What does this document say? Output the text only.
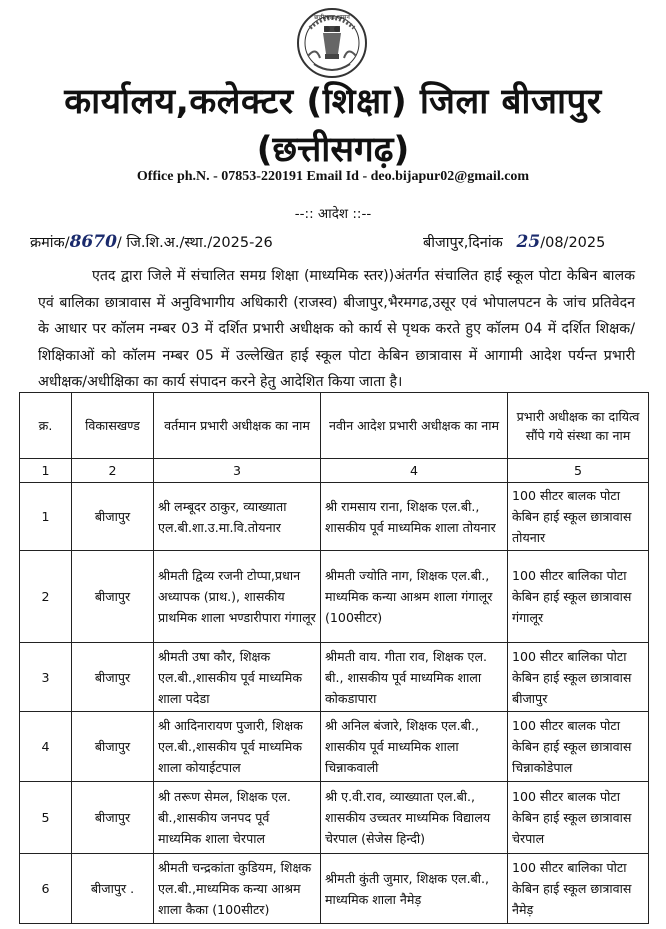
छत्तीसगढ़ शासन
कार्यालय,कलेक्टर (शिक्षा) जिला बीजापुर
(छत्तीसगढ़)
Office ph.N. - 07853-220191 Email Id - deo.bijapur02@gmail.com
--:: आदेश ::--
क्रमांक/8670/ जि.शि.अ./स्था./2025-26	बीजापुर,दिनांक 25/08/2025
एतद द्वारा जिले में संचालित समग्र शिक्षा (माध्यमिक स्तर))अंतर्गत संचालित हाई स्कूल पोटा केबिन बालक एवं बालिका छात्रावास में अनुविभागीय अधिकारी (राजस्व) बीजापुर,भैरमगढ,उसूर एवं भोपालपटन के जांच प्रतिवेदन के आधार पर कॉलम नम्बर 03 में दर्शित प्रभारी अधीक्षक को कार्य से पृथक करते हुए कॉलम 04 में दर्शित शिक्षक/शिक्षिकाओं को कॉलम नम्बर 05 में उल्लेखित हाई स्कूल पोटा केबिन छात्रावास में आगामी आदेश पर्यन्त प्रभारी अधीक्षक/अधीक्षिका का कार्य संपादन करने हेतु आदेशित किया जाता है।
क्र.	विकासखण्ड	वर्तमान प्रभारी अधीक्षक का नाम	नवीन आदेश प्रभारी अधीक्षक का नाम	प्रभारी अधीक्षक का दायित्व सौंपे गये संस्था का नाम
1	2	3	4	5
1	बीजापुर	श्री लम्बूदर ठाकुर, व्याख्याता एल.बी.शा.उ.मा.वि.तोयनार	श्री रामसाय राना, शिक्षक एल.बी., शासकीय पूर्व माध्यमिक शाला तोयनार	100 सीटर बालक पोटा केबिन हाई स्कूल छात्रावास तोयनार
2	बीजापुर	श्रीमती द्विव्य रजनी टोप्पा,प्रधान अध्यापक (प्राथ.), शासकीय प्राथमिक शाला भण्डारीपारा गंगालूर	श्रीमती ज्योति नाग, शिक्षक एल.बी., माध्यमिक कन्या आश्रम शाला गंगालूर (100सीटर)	100 सीटर बालिका पोटा केबिन हाई स्कूल छात्रावास गंगालूर
3	बीजापुर	श्रीमती उषा कौर, शिक्षक एल.बी.,शासकीय पूर्व माध्यमिक शाला पदेडा	श्रीमती वाय. गीता राव, शिक्षक एल. बी., शासकीय पूर्व माध्यमिक शाला कोकडापारा	100 सीटर बालिका पोटा केबिन हाई स्कूल छात्रावास बीजापुर
4	बीजापुर	श्री आदिनारायण पुजारी, शिक्षक एल.बी.,शासकीय पूर्व माध्यमिक शाला कोयाईटपाल	श्री अनिल बंजारे, शिक्षक एल.बी., शासकीय पूर्व माध्यमिक शाला चिन्नाकवाली	100 सीटर बालक पोटा केबिन हाई स्कूल छात्रावास चिन्नाकोडेपाल
5	बीजापुर	श्री तरूण सेमल, शिक्षक एल. बी.,शासकीय जनपद पूर्व माध्यमिक शाला चेरपाल	श्री ए.वी.राव, व्याख्याता एल.बी., शासकीय उच्चतर माध्यमिक विद्यालय चेरपाल (सेजेस हिन्दी)	100 सीटर बालक पोटा केबिन हाई स्कूल छात्रावास चेरपाल
6	बीजापुर .	श्रीमती चन्द्रकांता कुडियम, शिक्षक एल.बी.,माध्यमिक कन्या आश्रम शाला कैका (100सीटर)	श्रीमती कुंती जुमार, शिक्षक एल.बी., माध्यमिक शाला नैमेड़	100 सीटर बालिका पोटा केबिन हाई स्कूल छात्रावास नैमेड़
